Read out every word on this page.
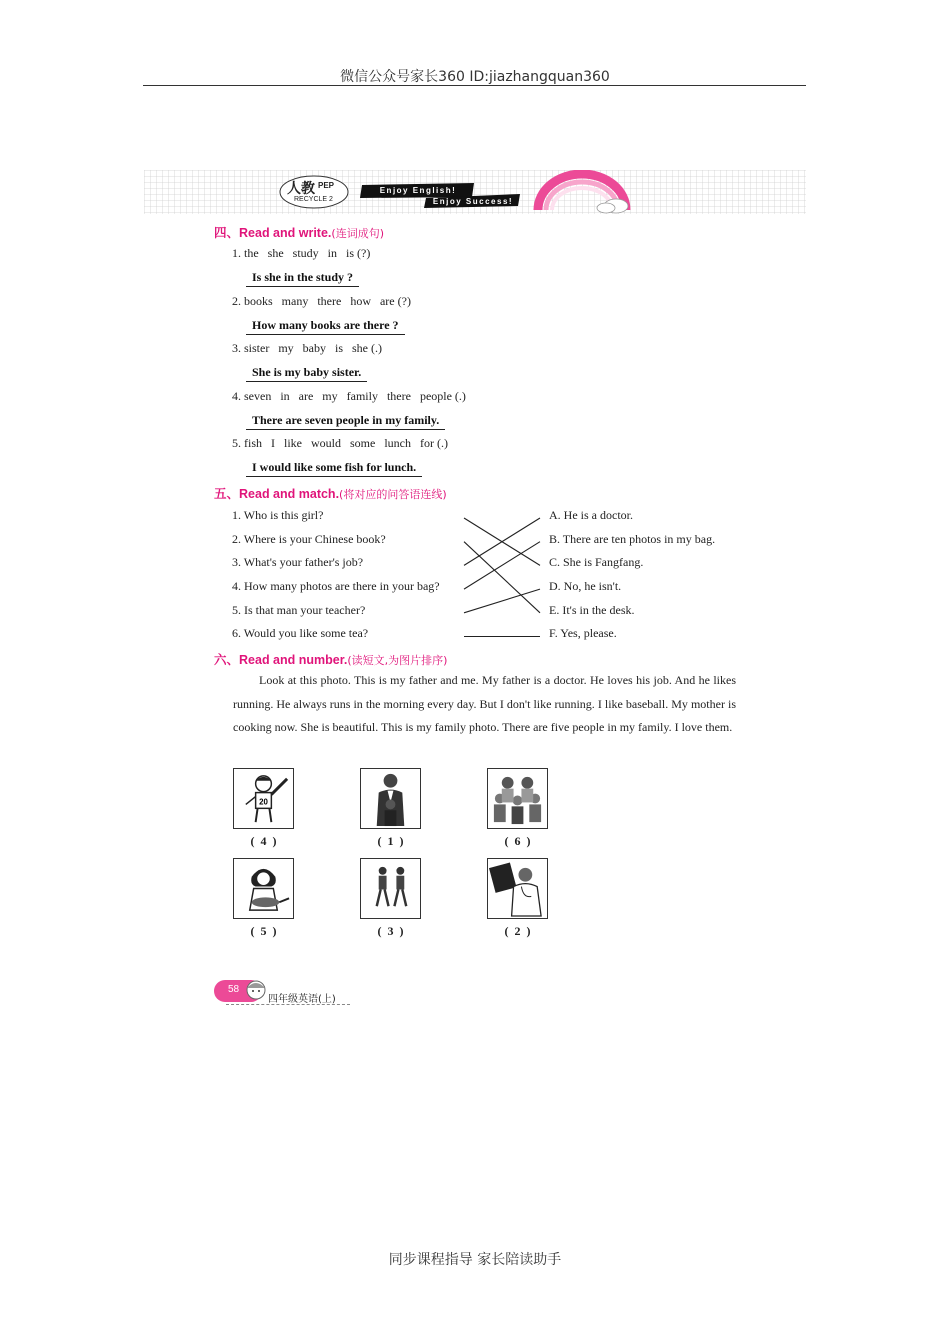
微信公众号家长360 ID:jiazhangquan360
人教 PEP
RECYCLE 2
Enjoy English!
Enjoy Success!
四、Read and write.(连词成句)
1. the   she   study   in   is (?)
Is she in the study ?
2. books   many   there   how   are (?)
How many books are there ?
3. sister   my   baby   is   she (.)
She is my baby sister.
4. seven   in   are   my   family   there   people (.)
There are seven people in my family.
5. fish   I   like   would   some   lunch   for (.)
I would like some fish for lunch.
五、Read and match.(将对应的问答语连线)
1. Who is this girl?
2. Where is your Chinese book?
3. What's your father's job?
4. How many photos are there in your bag?
5. Is that man your teacher?
6. Would you like some tea?
A. He is a doctor.
B. There are ten photos in my bag.
C. She is Fangfang.
D. No, he isn't.
E. It's in the desk.
F. Yes, please.
六、Read and number.(读短文,为图片排序)
Look at this photo. This is my father and me. My father is a doctor. He loves his job. And he likes running. He always runs in the morning every day. But I don't like running. I like baseball. My mother is cooking now. She is beautiful. This is my family photo. There are five people in my family. I love them.
20
( 4 )	( 1 )	( 6 )
( 5 )	( 3 )	( 2 )
58
四年级英语(上)
同步课程指导 家长陪读助手
